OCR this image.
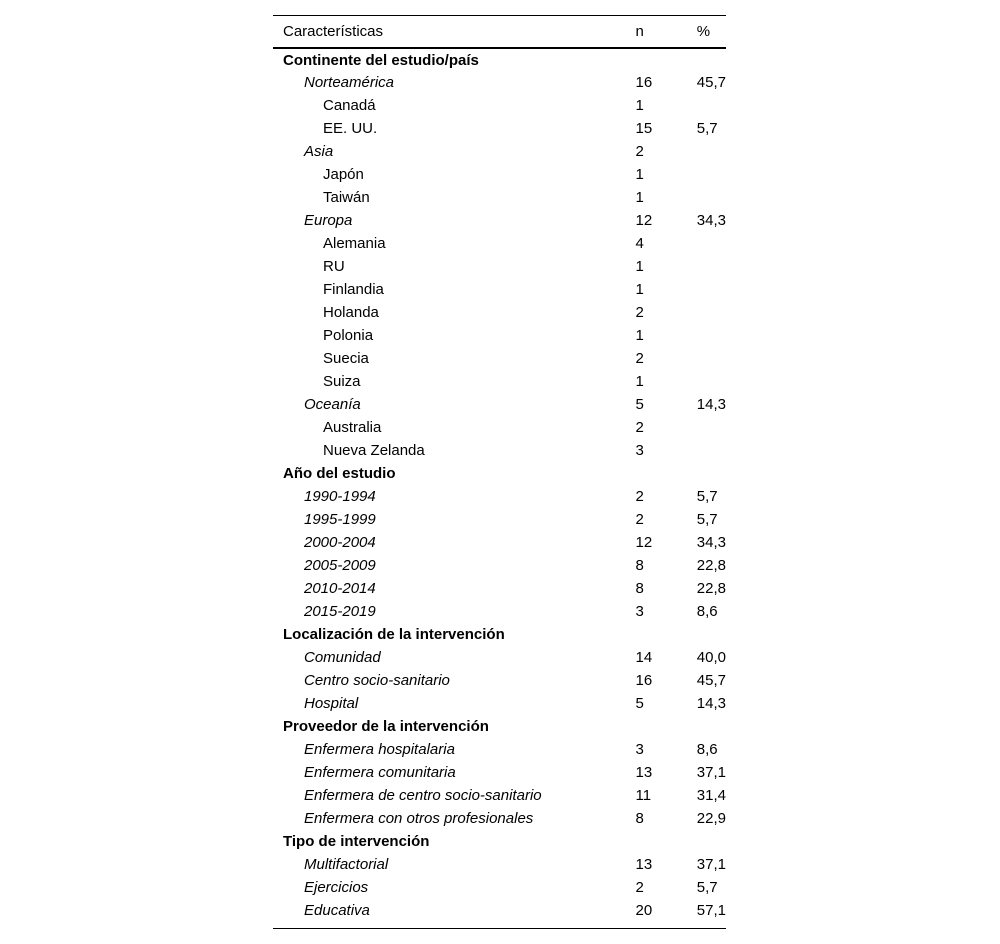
Características	n	%
Continente del estudio/país		
Norteamérica	16	45,7
Canadá	1	
EE. UU.	15	5,7
Asia	2	
Japón	1	
Taiwán	1	
Europa	12	34,3
Alemania	4	
RU	1	
Finlandia	1	
Holanda	2	
Polonia	1	
Suecia	2	
Suiza	1	
Oceanía	5	14,3
Australia	2	
Nueva Zelanda	3	
Año del estudio		
1990-1994	2	5,7
1995-1999	2	5,7
2000-2004	12	34,3
2005-2009	8	22,8
2010-2014	8	22,8
2015-2019	3	8,6
Localización de la intervención		
Comunidad	14	40,0
Centro socio-sanitario	16	45,7
Hospital	5	14,3
Proveedor de la intervención		
Enfermera hospitalaria	3	8,6
Enfermera comunitaria	13	37,1
Enfermera de centro socio-sanitario	11	31,4
Enfermera con otros profesionales	8	22,9
Tipo de intervención		
Multifactorial	13	37,1
Ejercicios	2	5,7
Educativa	20	57,1
